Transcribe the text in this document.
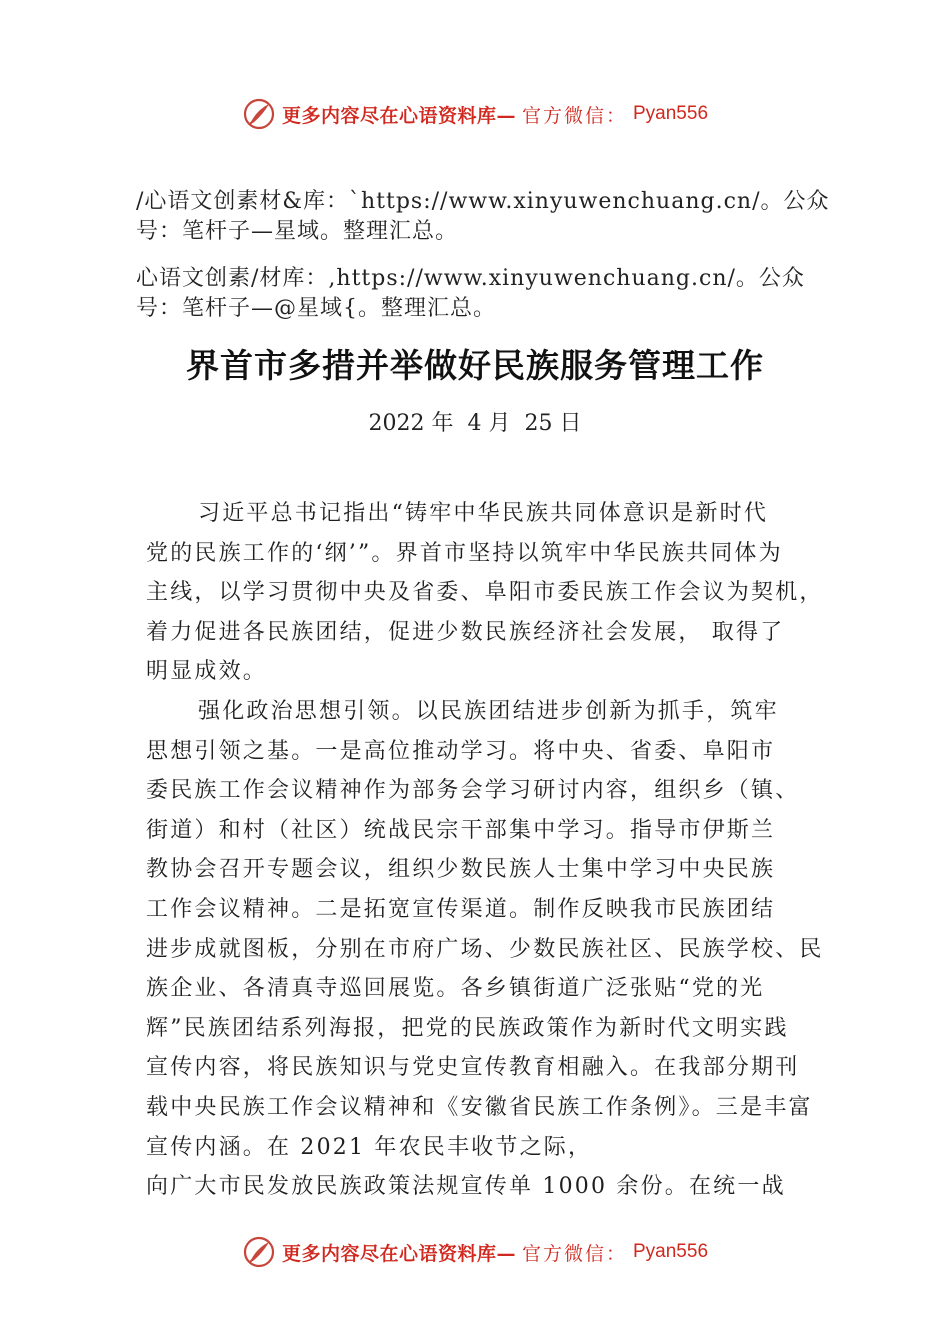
更多内容尽在心语资料库— 官方微信： Pyan556
/心语文创素材&库：`https://www.xinyuwenchuang.cn/。公众
号：笔杆子—星域。整理汇总。
心语文创素/材库：,https://www.xinyuwenchuang.cn/。公众
号：笔杆子—@星域{。整理汇总。
界首市多措并举做好民族服务管理工作
2022 年  4 月  25 日
习近平总书记指出“铸牢中华民族共同体意识是新时代
党的民族工作的‘纲’”。界首市坚持以筑牢中华民族共同体为
主线，以学习贯彻中央及省委、阜阳市委民族工作会议为契机，
着力促进各民族团结，促进少数民族经济社会发展， 取得了
明显成效。
强化政治思想引领。以民族团结进步创新为抓手，筑牢
思想引领之基。一是高位推动学习。将中央、省委、阜阳市
委民族工作会议精神作为部务会学习研讨内容，组织乡（镇、
街道）和村（社区）统战民宗干部集中学习。指导市伊斯兰
教协会召开专题会议，组织少数民族人士集中学习中央民族
工作会议精神。二是拓宽宣传渠道。制作反映我市民族团结
进步成就图板，分别在市府广场、少数民族社区、民族学校、民
族企业、各清真寺巡回展览。各乡镇街道广泛张贴“党的光
辉”民族团结系列海报，把党的民族政策作为新时代文明实践
宣传内容，将民族知识与党史宣传教育相融入。在我部分期刊
载中央民族工作会议精神和《安徽省民族工作条例》。三是丰富
宣传内涵。在 2021 年农民丰收节之际，
向广大市民发放民族政策法规宣传单 1000 余份。在统一战
更多内容尽在心语资料库— 官方微信： Pyan556
